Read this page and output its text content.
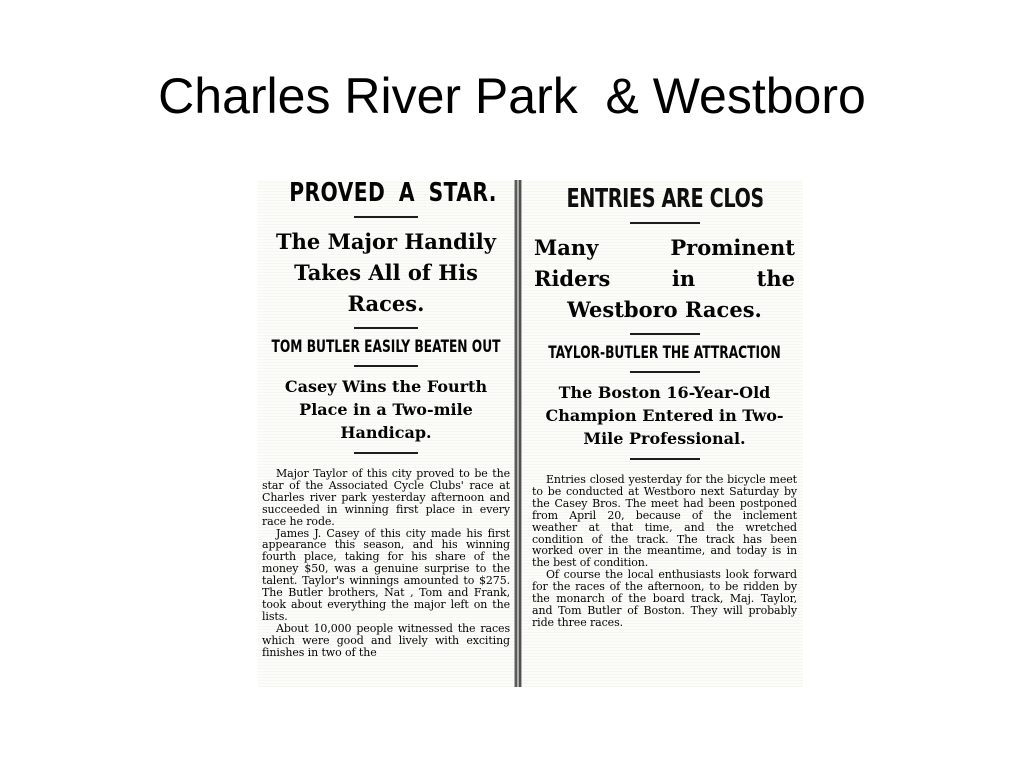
Charles River Park  & Westboro
PROVED A STAR.
The Major Handily Takes All of His Races.
TOM BUTLER EASILY BEATEN OUT
Casey Wins the Fourth Place in a Two-mile Handicap.

Major Taylor of this city proved to be the star of the Associated Cycle Clubs' race at Charles river park yesterday afternoon and succeeded in winning first place in every race he rode.

James J. Casey of this city made his first appearance this season, and his winning fourth place, taking for his share of the money $50, was a genuine surprise to the talent. Taylor's winnings amounted to $275. The Butler brothers, Nat , Tom and Frank, took about everything the major left on the lists.

About 10,000 people witnessed the races which were good and lively with exciting finishes in two of the

ENTRIES ARE CLOSED.
Many Prominent Riders in the Westboro Races.
TAYLOR-BUTLER THE ATTRACTION
The Boston 16-Year-Old Champion Entered in Two-Mile Professional.

Entries closed yesterday for the bicycle meet to be conducted at Westboro next Saturday by the Casey Bros. The meet had been postponed from April 20, because of the inclement weather at that time, and the wretched condition of the track. The track has been worked over in the meantime, and today is in the best of condition.

Of course the local enthusiasts look forward for the races of the afternoon, to be ridden by the monarch of the board track, Maj. Taylor, and Tom Butler of Boston. They will probably ride three races.
